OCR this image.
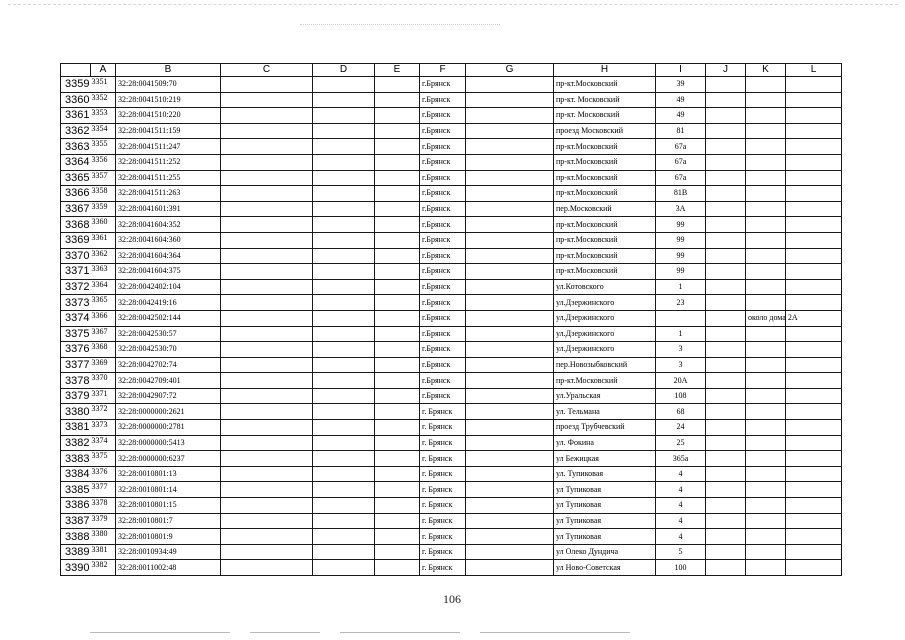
	A	B	C	D	E	F	G	H	I	J	K	L
3359	3351	32:28:0041509:70				г.Брянск		пр-кт.Московский	39			
3360	3352	32:28:0041510:219				г.Брянск		пр-кт. Московский	49			
3361	3353	32:28:0041510:220				г.Брянск		пр-кт. Московский	49			
3362	3354	32:28:0041511:159				г.Брянск		проезд Московский	81			
3363	3355	32:28:0041511:247				г.Брянск		пр-кт.Московский	67а			
3364	3356	32:28:0041511:252				г.Брянск		пр-кт.Московский	67а			
3365	3357	32:28:0041511:255				г.Брянск		пр-кт.Московский	67а			
3366	3358	32:28:0041511:263				г.Брянск		пр-кт.Московский	81В			
3367	3359	32:28:0041601:391				г.Брянск		пер.Московский	3А			
3368	3360	32:28:0041604:352				г.Брянск		пр-кт.Московский	99			
3369	3361	32:28:0041604:360				г.Брянск		пр-кт.Московский	99			
3370	3362	32:28:0041604:364				г.Брянск		пр-кт.Московский	99			
3371	3363	32:28:0041604:375				г.Брянск		пр-кт.Московский	99			
3372	3364	32:28:0042402:104				г.Брянск		ул.Котовского	1			
3373	3365	32:28:0042419:16				г.Брянск		ул.Дзержинского	23			
3374	3366	32:28:0042502:144				г.Брянск		ул.Дзержинского			около дома 2А	
3375	3367	32:28:0042530:57				г.Брянск		ул.Дзержинского	1			
3376	3368	32:28:0042530:70				г.Брянск		ул.Дзержинского	3			
3377	3369	32:28:0042702:74				г.Брянск		пер.Новозыбковский	3			
3378	3370	32:28:0042709:401				г.Брянск		пр-кт.Московский	20А			
3379	3371	32:28:0042907:72				г.Брянск		ул.Уральская	108			
3380	3372	32:28:0000000:2621				г. Брянск		ул. Тельмана	68			
3381	3373	32:28:0000000:2781				г. Брянск		проезд Трубчевский	24			
3382	3374	32:28:0000000:5413				г. Брянск		ул. Фокина	25			
3383	3375	32:28:0000000:6237				г. Брянск		ул Бежицкая	365а			
3384	3376	32:28:0010801:13				г. Брянск		ул. Тупиковая	4			
3385	3377	32:28:0010801:14				г. Брянск		ул Тупиковая	4			
3386	3378	32:28:0010801:15				г. Брянск		ул Тупиковая	4			
3387	3379	32:28:0010801:7				г. Брянск		ул Тупиковая	4			
3388	3380	32:28:0010801:9				г. Брянск		ул Тупиковая	4			
3389	3381	32:28:0010934:49				г. Брянск		ул Олеко Дундича	5			
3390	3382	32:28:0011002:48				г. Брянск		ул Ново-Советская	100			
106
